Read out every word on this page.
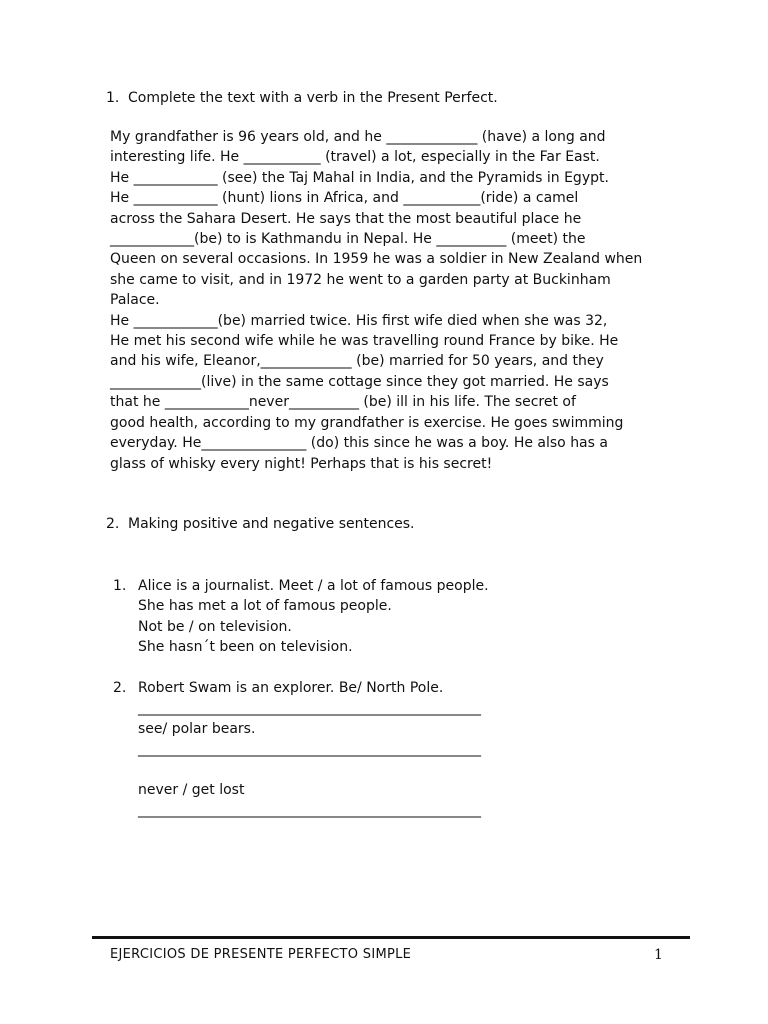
1. Complete the text with a verb in the Present Perfect.
My grandfather is 96 years old, and he _____________ (have) a long and
interesting life. He ___________ (travel) a lot, especially in the Far East.
He ____________ (see) the Taj Mahal in India, and the Pyramids in Egypt.
He ____________ (hunt) lions in Africa, and ___________(ride) a camel
across the Sahara Desert. He says that the most beautiful place he
____________(be) to is Kathmandu in Nepal. He __________ (meet) the
Queen on several occasions. In 1959 he was a soldier in New Zealand when
she came to visit, and in 1972 he went to a garden party at Buckinham
Palace.
He ____________(be) married twice. His first wife died when she was 32,
He met his second wife while he was travelling round France by bike. He
and his wife, Eleanor,_____________ (be) married for 50 years, and they
_____________(live) in the same cottage since they got married. He says
that he ____________never__________ (be) ill in his life. The secret of
good health, according to my grandfather is exercise. He goes swimming
everyday. He_______________ (do) this since he was a boy. He also has a
glass of whisky every night! Perhaps that is his secret!
2. Making positive and negative sentences.
1. Alice is a journalist. Meet / a lot of famous people.
She has met a lot of famous people.
Not be / on television.
She hasn´t been on television.
2. Robert Swam is an explorer. Be/ North Pole.
_________________________________________________
see/ polar bears.
_________________________________________________
never / get lost
_________________________________________________
EJERCICIOS DE PRESENTE PERFECTO SIMPLE	1
